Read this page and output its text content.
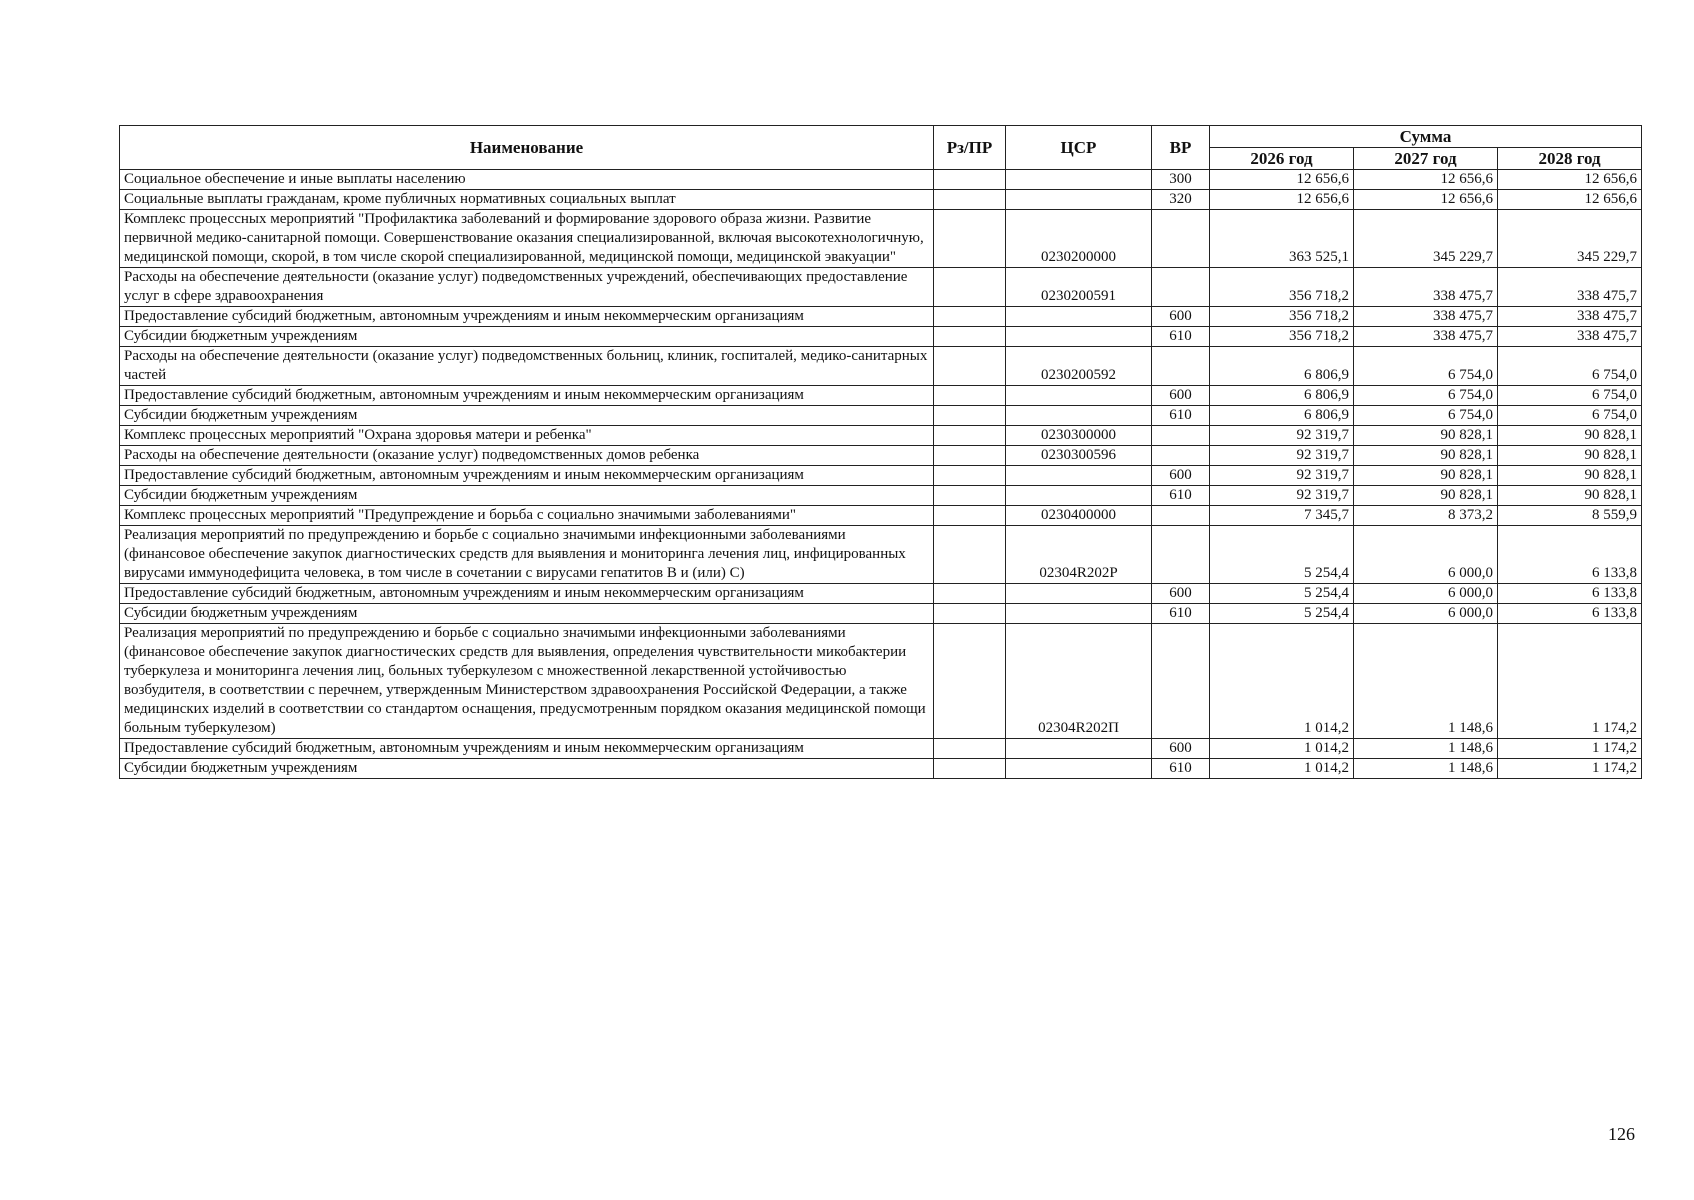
Наименование	Рз/ПР	ЦСР	ВР	Сумма		
				2026 год	2027 год	2028 год
Социальное обеспечение и иные выплаты населению			300	12 656,6	12 656,6	12 656,6
Социальные выплаты гражданам, кроме публичных нормативных социальных выплат			320	12 656,6	12 656,6	12 656,6
Комплекс процессных мероприятий "Профилактика заболеваний и формирование здорового образа жизни. Развитие первичной медико-санитарной помощи. Совершенствование оказания специализированной, включая высокотехнологичную, медицинской помощи, скорой, в том числе скорой специализированной, медицинской помощи, медицинской эвакуации"		0230200000		363 525,1	345 229,7	345 229,7
Расходы на обеспечение деятельности (оказание услуг) подведомственных учреждений, обеспечивающих предоставление услуг в сфере здравоохранения		0230200591		356 718,2	338 475,7	338 475,7
Предоставление субсидий бюджетным, автономным учреждениям и иным некоммерческим организациям			600	356 718,2	338 475,7	338 475,7
Субсидии бюджетным учреждениям			610	356 718,2	338 475,7	338 475,7
Расходы на обеспечение деятельности (оказание услуг) подведомственных больниц, клиник, госпиталей, медико-санитарных частей		0230200592		6 806,9	6 754,0	6 754,0
Предоставление субсидий бюджетным, автономным учреждениям и иным некоммерческим организациям			600	6 806,9	6 754,0	6 754,0
Субсидии бюджетным учреждениям			610	6 806,9	6 754,0	6 754,0
Комплекс процессных мероприятий "Охрана здоровья матери и ребенка"		0230300000		92 319,7	90 828,1	90 828,1
Расходы на обеспечение деятельности (оказание услуг) подведомственных домов ребенка		0230300596		92 319,7	90 828,1	90 828,1
Предоставление субсидий бюджетным, автономным учреждениям и иным некоммерческим организациям			600	92 319,7	90 828,1	90 828,1
Субсидии бюджетным учреждениям			610	92 319,7	90 828,1	90 828,1
Комплекс процессных мероприятий "Предупреждение и борьба с социально значимыми заболеваниями"		0230400000		7 345,7	8 373,2	8 559,9
Реализация мероприятий по предупреждению и борьбе с социально значимыми инфекционными заболеваниями (финансовое обеспечение закупок диагностических средств для выявления и мониторинга лечения лиц, инфицированных вирусами иммунодефицита человека, в том числе в сочетании с вирусами гепатитов B и (или) C)		02304R202P		5 254,4	6 000,0	6 133,8
Предоставление субсидий бюджетным, автономным учреждениям и иным некоммерческим организациям			600	5 254,4	6 000,0	6 133,8
Субсидии бюджетным учреждениям			610	5 254,4	6 000,0	6 133,8
Реализация мероприятий по предупреждению и борьбе с социально значимыми инфекционными заболеваниями (финансовое обеспечение закупок диагностических средств для выявления, определения чувствительности микобактерии туберкулеза и мониторинга лечения лиц, больных туберкулезом с множественной лекарственной устойчивостью возбудителя, в соответствии с перечнем, утвержденным Министерством здравоохранения Российской Федерации, а также медицинских изделий в соответствии со стандартом оснащения, предусмотренным порядком оказания медицинской помощи больным туберкулезом)		02304R202П		1 014,2	1 148,6	1 174,2
Предоставление субсидий бюджетным, автономным учреждениям и иным некоммерческим организациям			600	1 014,2	1 148,6	1 174,2
Субсидии бюджетным учреждениям			610	1 014,2	1 148,6	1 174,2
126
